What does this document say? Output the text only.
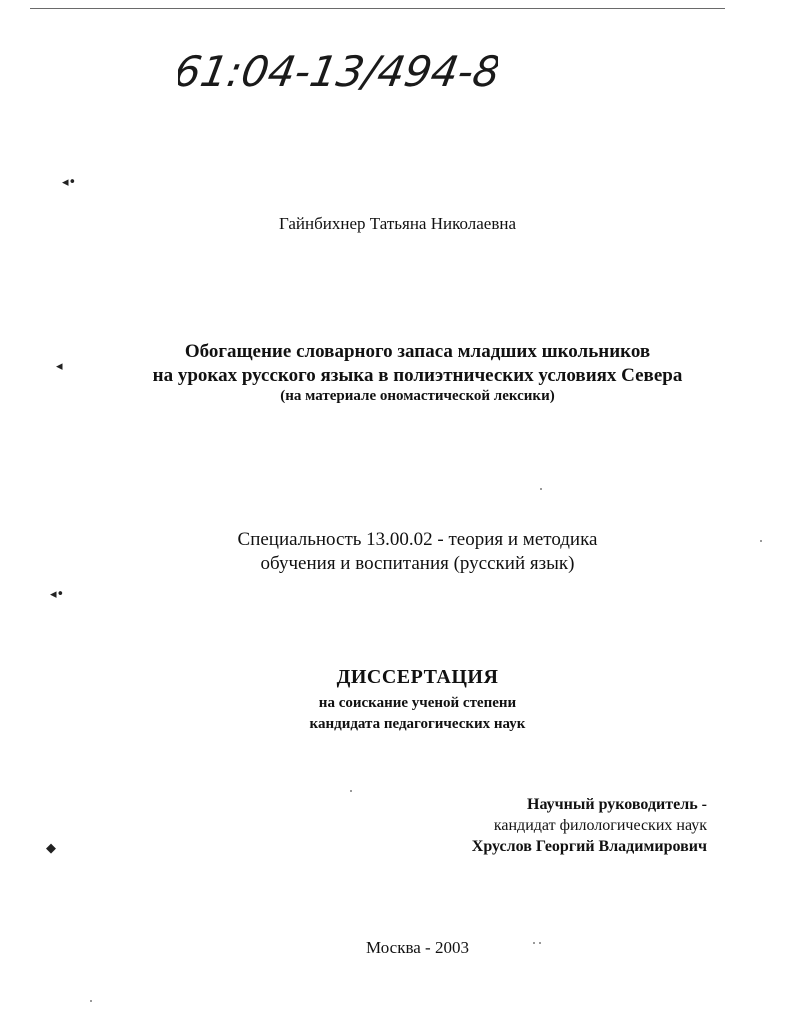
61:04-13/494-8
◂•
◂
◂•
◆
Гайнбихнер Татьяна Николаевна
Обогащение словарного запаса младших школьников
на уроках русского языка в полиэтнических условиях Севера
(на материале ономастической лексики)
Специальность 13.00.02 - теория и методика
обучения и воспитания (русский язык)
ДИССЕРТАЦИЯ
на соискание ученой степени
кандидата педагогических наук
Научный руководитель -
кандидат филологических наук
Хруслов Георгий Владимирович
Москва - 2003
